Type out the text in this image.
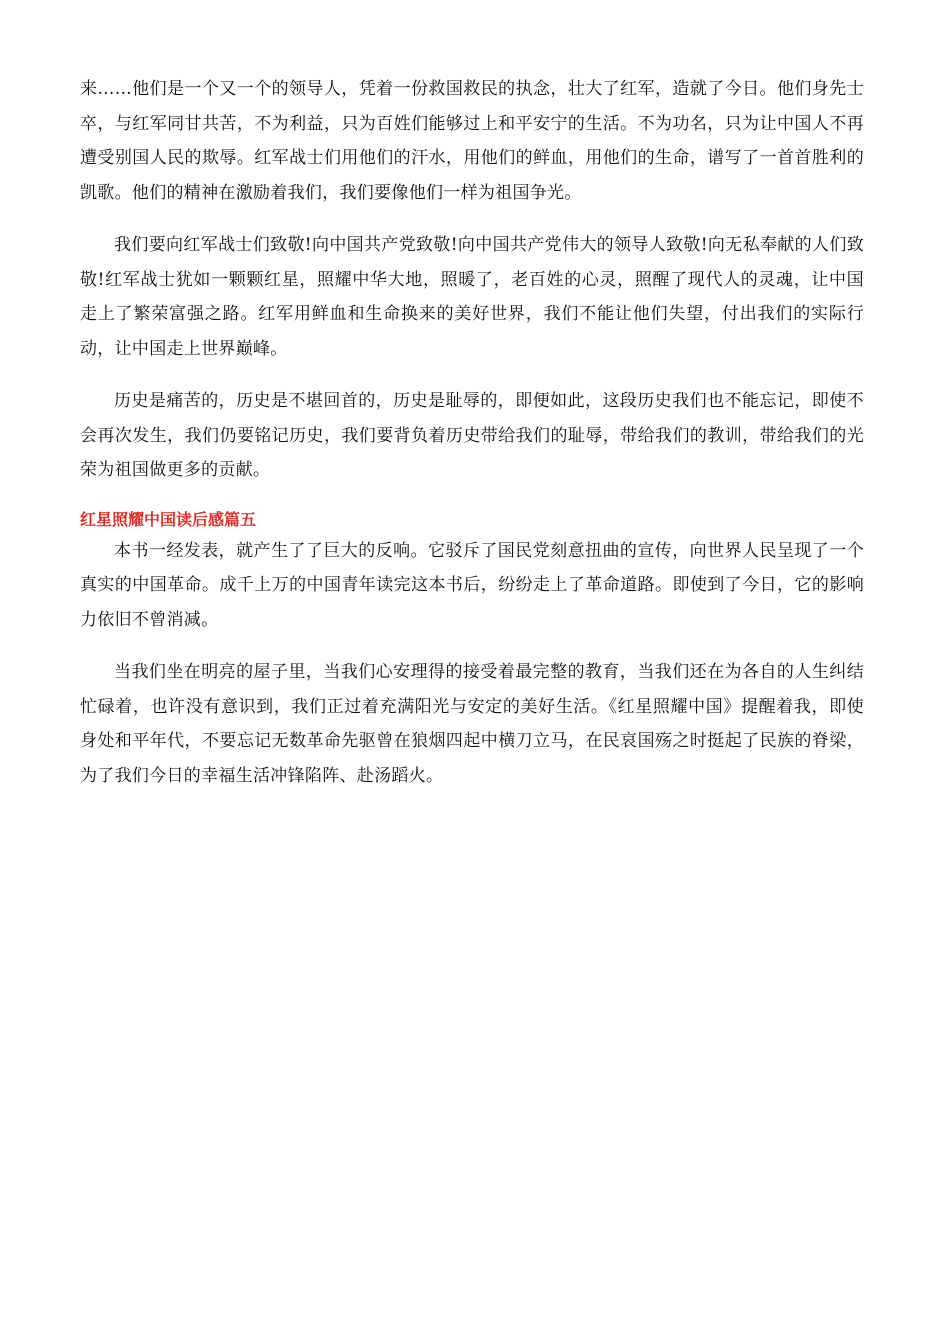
来……他们是一个又一个的领导人，凭着一份救国救民的执念，壮大了红军，造就了今日。他们身先士卒，与红军同甘共苦，不为利益，只为百姓们能够过上和平安宁的生活。不为功名，只为让中国人不再遭受别国人民的欺辱。红军战士们用他们的汗水，用他们的鲜血，用他们的生命，谱写了一首首胜利的凯歌。他们的精神在激励着我们，我们要像他们一样为祖国争光。

我们要向红军战士们致敬!向中国共产党致敬!向中国共产党伟大的领导人致敬!向无私奉献的人们致敬!红军战士犹如一颗颗红星，照耀中华大地，照暖了，老百姓的心灵，照醒了现代人的灵魂，让中国走上了繁荣富强之路。红军用鲜血和生命换来的美好世界，我们不能让他们失望，付出我们的实际行动，让中国走上世界巅峰。

历史是痛苦的，历史是不堪回首的，历史是耻辱的，即便如此，这段历史我们也不能忘记，即使不会再次发生，我们仍要铭记历史，我们要背负着历史带给我们的耻辱，带给我们的教训，带给我们的光荣为祖国做更多的贡献。

红星照耀中国读后感篇五

本书一经发表，就产生了了巨大的反响。它驳斥了国民党刻意扭曲的宣传，向世界人民呈现了一个真实的中国革命。成千上万的中国青年读完这本书后，纷纷走上了革命道路。即使到了今日，它的影响力依旧不曾消减。

当我们坐在明亮的屋子里，当我们心安理得的接受着最完整的教育，当我们还在为各自的人生纠结忙碌着，也许没有意识到，我们正过着充满阳光与安定的美好生活。《红星照耀中国》提醒着我，即使身处和平年代，不要忘记无数革命先驱曾在狼烟四起中横刀立马，在民哀国殇之时挺起了民族的脊梁，为了我们今日的幸福生活冲锋陷阵、赴汤蹈火。
